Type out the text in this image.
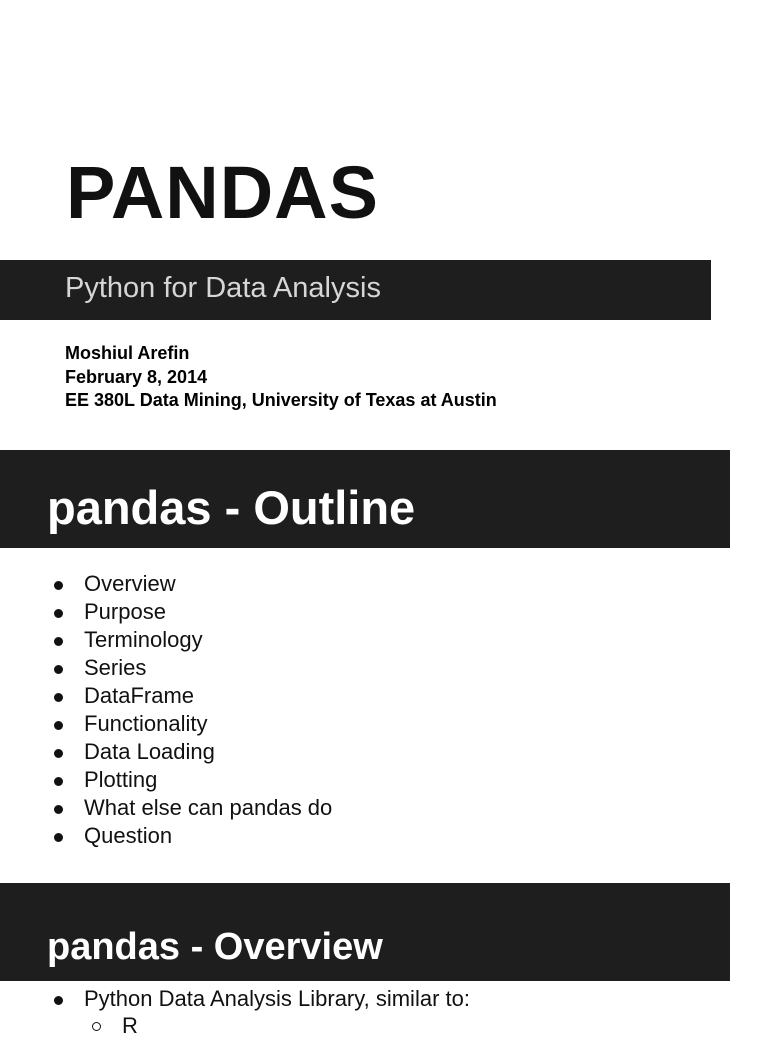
PANDAS
Python for Data Analysis
Moshiul Arefin
February 8, 2014
EE 380L Data Mining, University of Texas at Austin
pandas - Outline
Overview
Purpose
Terminology
Series
DataFrame
Functionality
Data Loading
Plotting
What else can pandas do
Question
pandas - Overview
Python Data Analysis Library, similar to:
R
